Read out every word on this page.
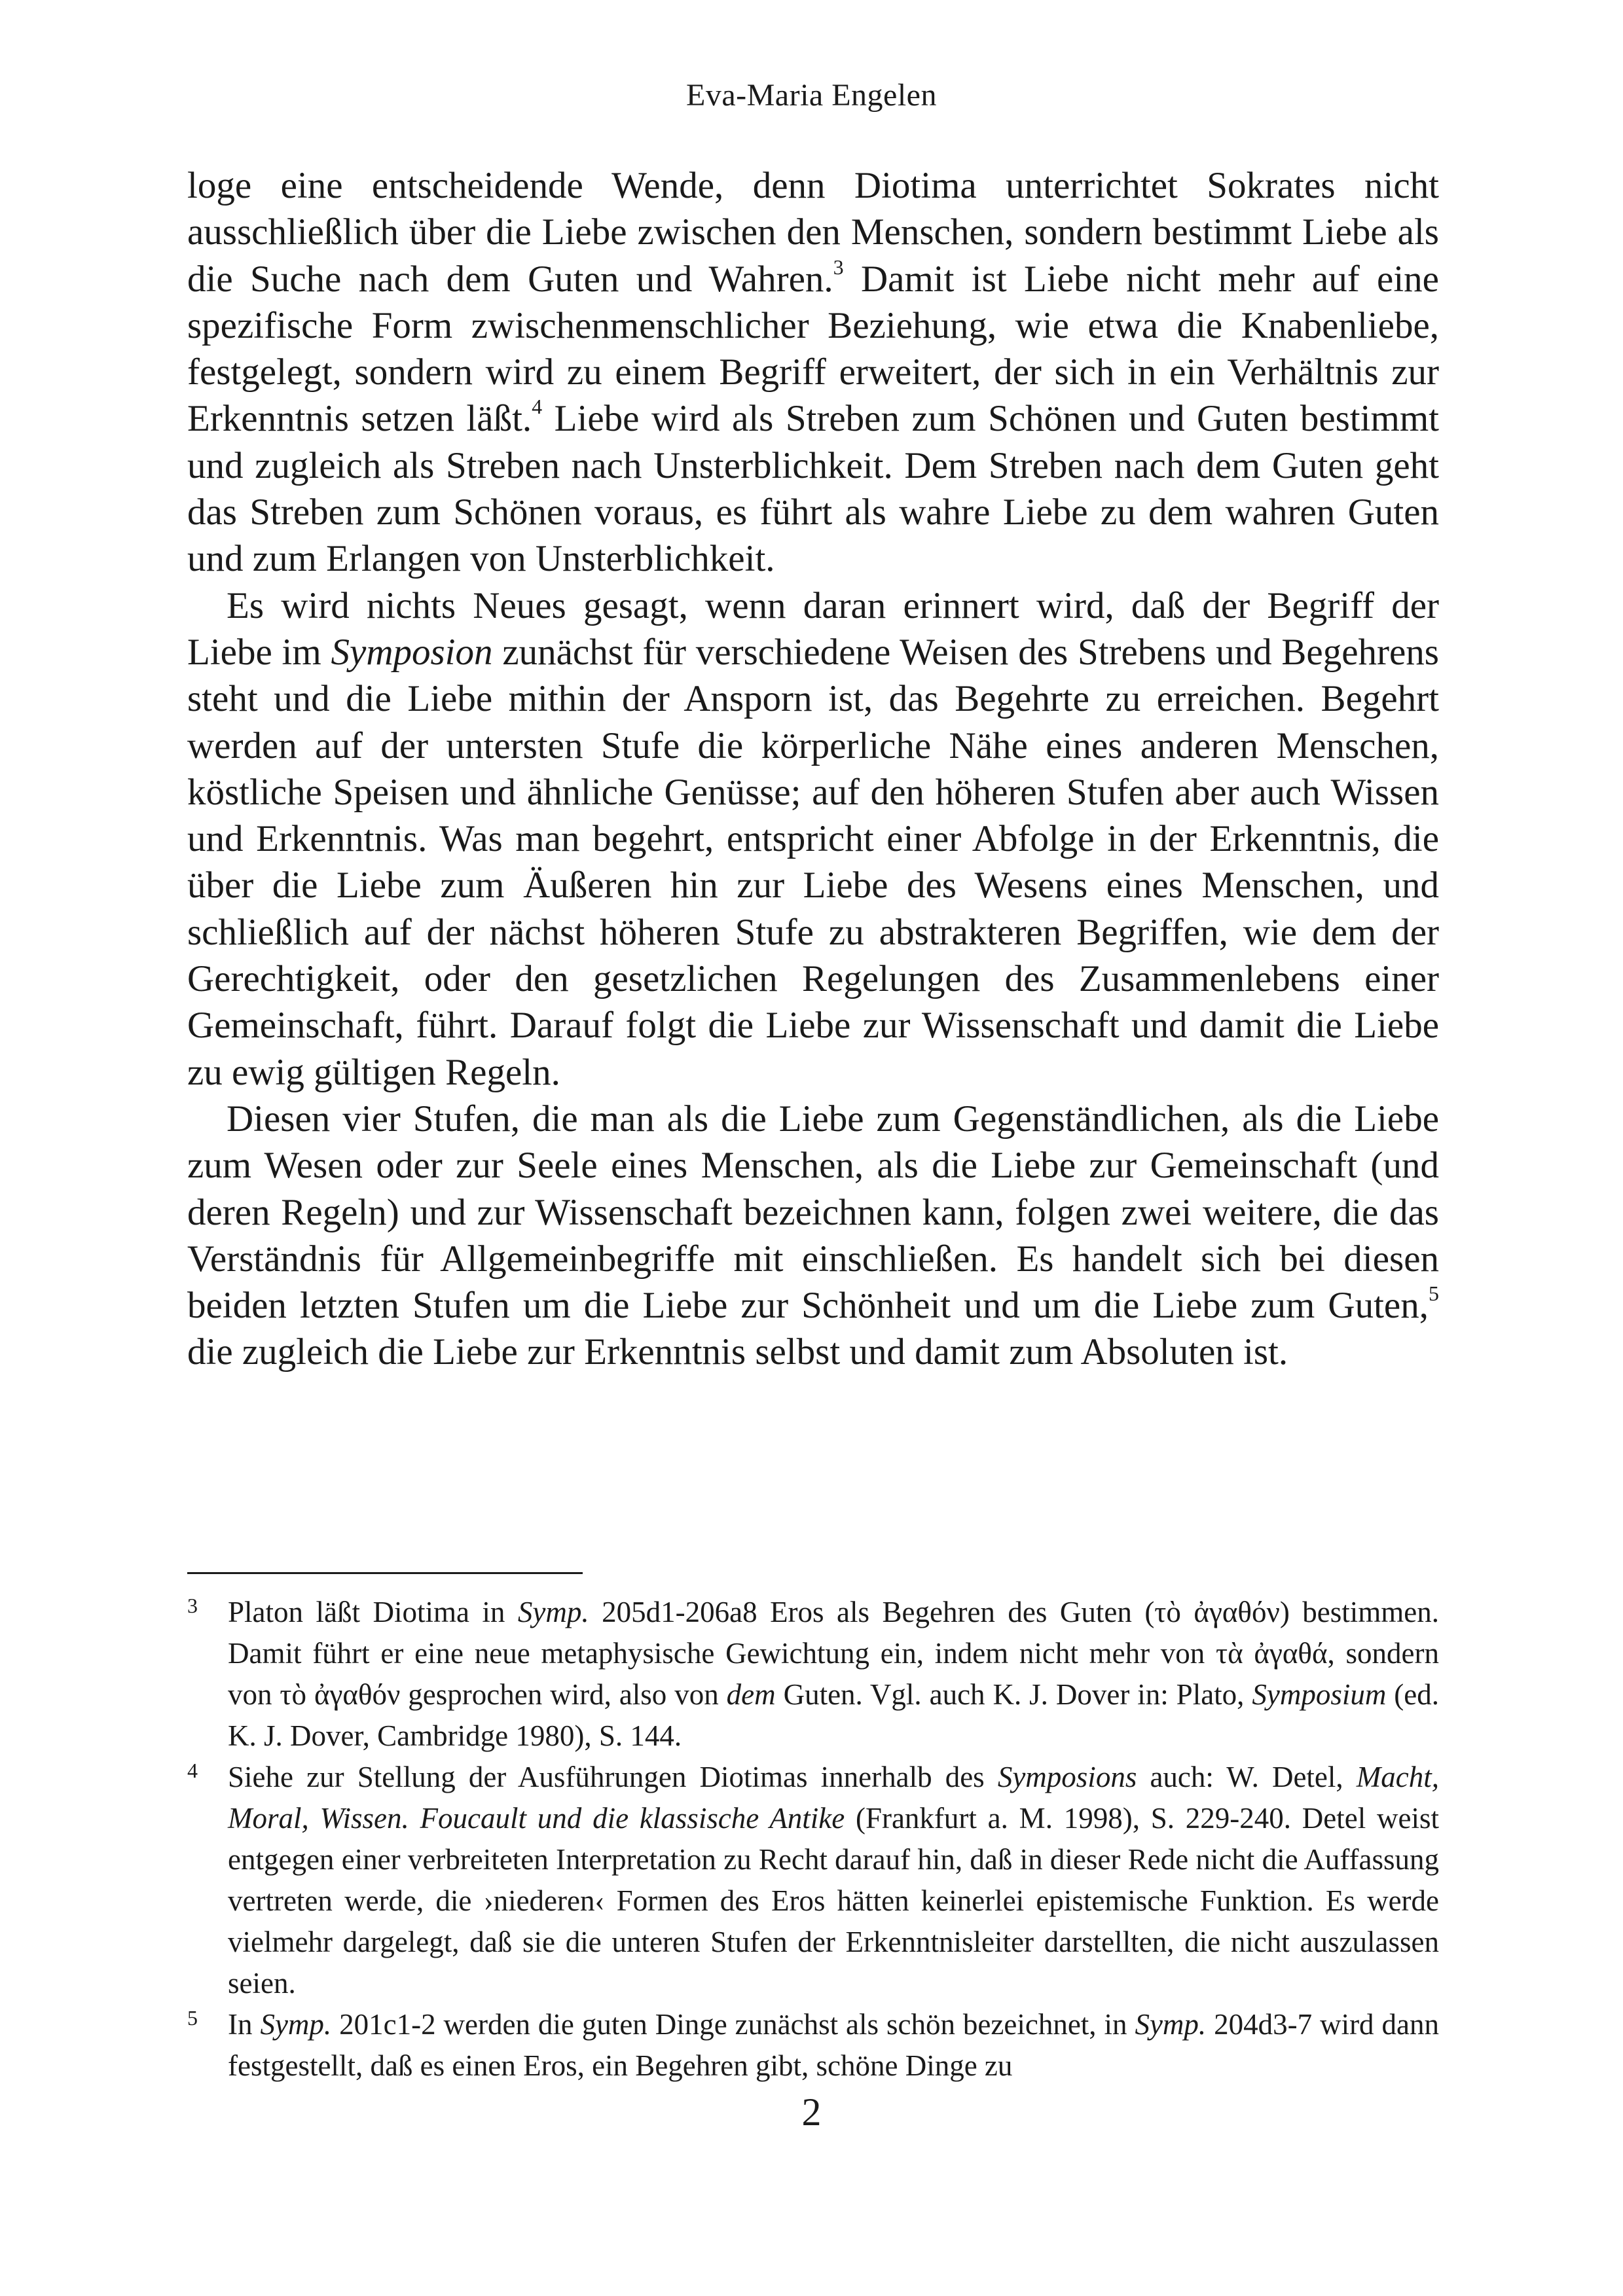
Eva-Maria Engelen

loge eine entscheidende Wende, denn Diotima unterrichtet Sokrates nicht ausschließlich über die Liebe zwischen den Menschen, sondern bestimmt Liebe als die Suche nach dem Guten und Wahren.$^3$ Damit ist Liebe nicht mehr auf eine spezifische Form zwischenmenschlicher Beziehung, wie etwa die Knabenliebe, festgelegt, sondern wird zu einem Begriff erweitert, der sich in ein Verhältnis zur Erkenntnis setzen läßt.$^4$ Liebe wird als Streben zum Schönen und Guten bestimmt und zugleich als Streben nach Unsterblichkeit. Dem Streben nach dem Guten geht das Streben zum Schönen voraus, es führt als wahre Liebe zu dem wahren Guten und zum Erlangen von Unsterblichkeit.

Es wird nichts Neues gesagt, wenn daran erinnert wird, daß der Begriff der Liebe im Symposion zunächst für verschiedene Weisen des Strebens und Begehrens steht und die Liebe mithin der Ansporn ist, das Begehrte zu erreichen. Begehrt werden auf der untersten Stufe die körperliche Nähe eines anderen Menschen, köstliche Speisen und ähnliche Genüsse; auf den höheren Stufen aber auch Wissen und Erkenntnis. Was man begehrt, entspricht einer Abfolge in der Erkenntnis, die über die Liebe zum Äußeren hin zur Liebe des Wesens eines Menschen, und schließlich auf der nächst höheren Stufe zu abstrakteren Begriffen, wie dem der Gerechtigkeit, oder den gesetzlichen Regelungen des Zusammenlebens einer Gemeinschaft, führt. Darauf folgt die Liebe zur Wissenschaft und damit die Liebe zu ewig gültigen Regeln.

Diesen vier Stufen, die man als die Liebe zum Gegenständlichen, als die Liebe zum Wesen oder zur Seele eines Menschen, als die Liebe zur Gemeinschaft (und deren Regeln) und zur Wissenschaft bezeichnen kann, folgen zwei weitere, die das Verständnis für Allgemeinbegriffe mit einschließen. Es handelt sich bei diesen beiden letzten Stufen um die Liebe zur Schönheit und um die Liebe zum Guten,$^5$ die zugleich die Liebe zur Erkenntnis selbst und damit zum Absoluten ist.

3 Platon läßt Diotima in Symp. 205d1-206a8 Eros als Begehren des Guten (τὸ ἀγαθόν) bestimmen. Damit führt er eine neue metaphysische Gewichtung ein, indem nicht mehr von τὰ ἀγαθά, sondern von τὸ ἀγαθόν gesprochen wird, also von dem Guten. Vgl. auch K. J. Dover in: Plato, Symposium (ed. K. J. Dover, Cambridge 1980), S. 144.

4 Siehe zur Stellung der Ausführungen Diotimas innerhalb des Symposions auch: W. Detel, Macht, Moral, Wissen. Foucault und die klassische Antike (Frankfurt a. M. 1998), S. 229-240. Detel weist entgegen einer verbreiteten Interpretation zu Recht darauf hin, daß in dieser Rede nicht die Auffassung vertreten werde, die ›niederen‹ Formen des Eros hätten keinerlei epistemische Funktion. Es werde vielmehr dargelegt, daß sie die unteren Stufen der Erkenntnisleiter darstellten, die nicht auszulassen seien.

5 In Symp. 201c1-2 werden die guten Dinge zunächst als schön bezeichnet, in Symp. 204d3-7 wird dann festgestellt, daß es einen Eros, ein Begehren gibt, schöne Dinge zu

2
